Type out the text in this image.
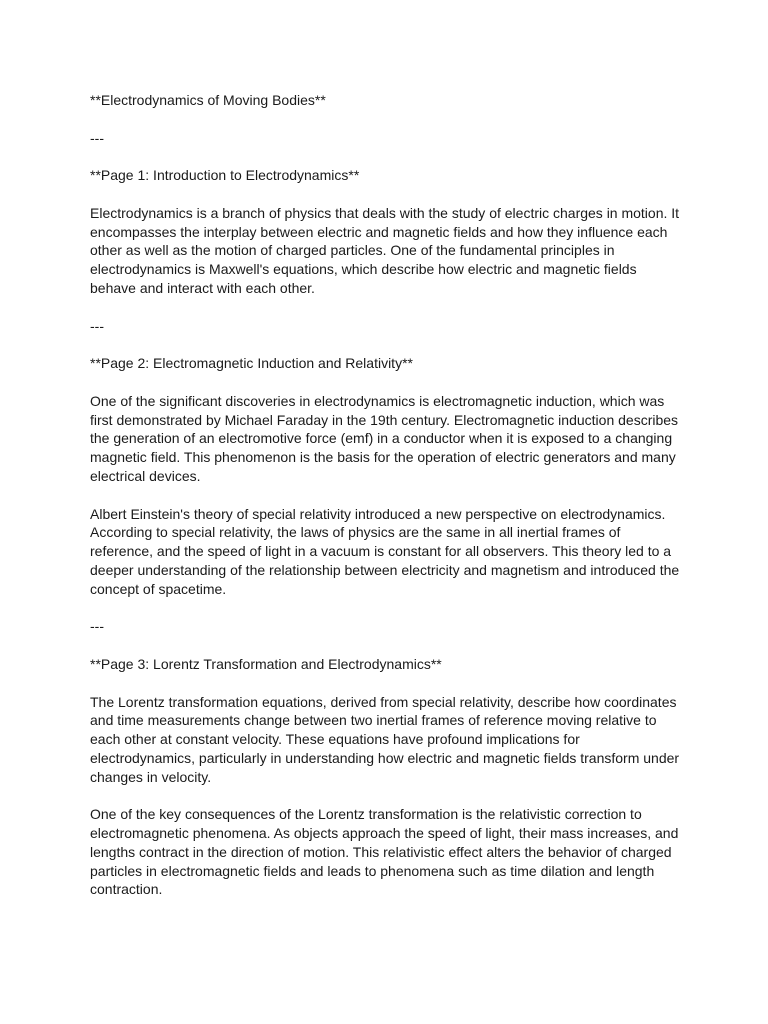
**Electrodynamics of Moving Bodies**

---

**Page 1: Introduction to Electrodynamics**

Electrodynamics is a branch of physics that deals with the study of electric charges in motion. It encompasses the interplay between electric and magnetic fields and how they influence each other as well as the motion of charged particles. One of the fundamental principles in electrodynamics is Maxwell's equations, which describe how electric and magnetic fields behave and interact with each other.

---

**Page 2: Electromagnetic Induction and Relativity**

One of the significant discoveries in electrodynamics is electromagnetic induction, which was first demonstrated by Michael Faraday in the 19th century. Electromagnetic induction describes the generation of an electromotive force (emf) in a conductor when it is exposed to a changing magnetic field. This phenomenon is the basis for the operation of electric generators and many electrical devices.

Albert Einstein's theory of special relativity introduced a new perspective on electrodynamics. According to special relativity, the laws of physics are the same in all inertial frames of reference, and the speed of light in a vacuum is constant for all observers. This theory led to a deeper understanding of the relationship between electricity and magnetism and introduced the concept of spacetime.

---

**Page 3: Lorentz Transformation and Electrodynamics**

The Lorentz transformation equations, derived from special relativity, describe how coordinates and time measurements change between two inertial frames of reference moving relative to each other at constant velocity. These equations have profound implications for electrodynamics, particularly in understanding how electric and magnetic fields transform under changes in velocity.

One of the key consequences of the Lorentz transformation is the relativistic correction to electromagnetic phenomena. As objects approach the speed of light, their mass increases, and lengths contract in the direction of motion. This relativistic effect alters the behavior of charged particles in electromagnetic fields and leads to phenomena such as time dilation and length contraction.
